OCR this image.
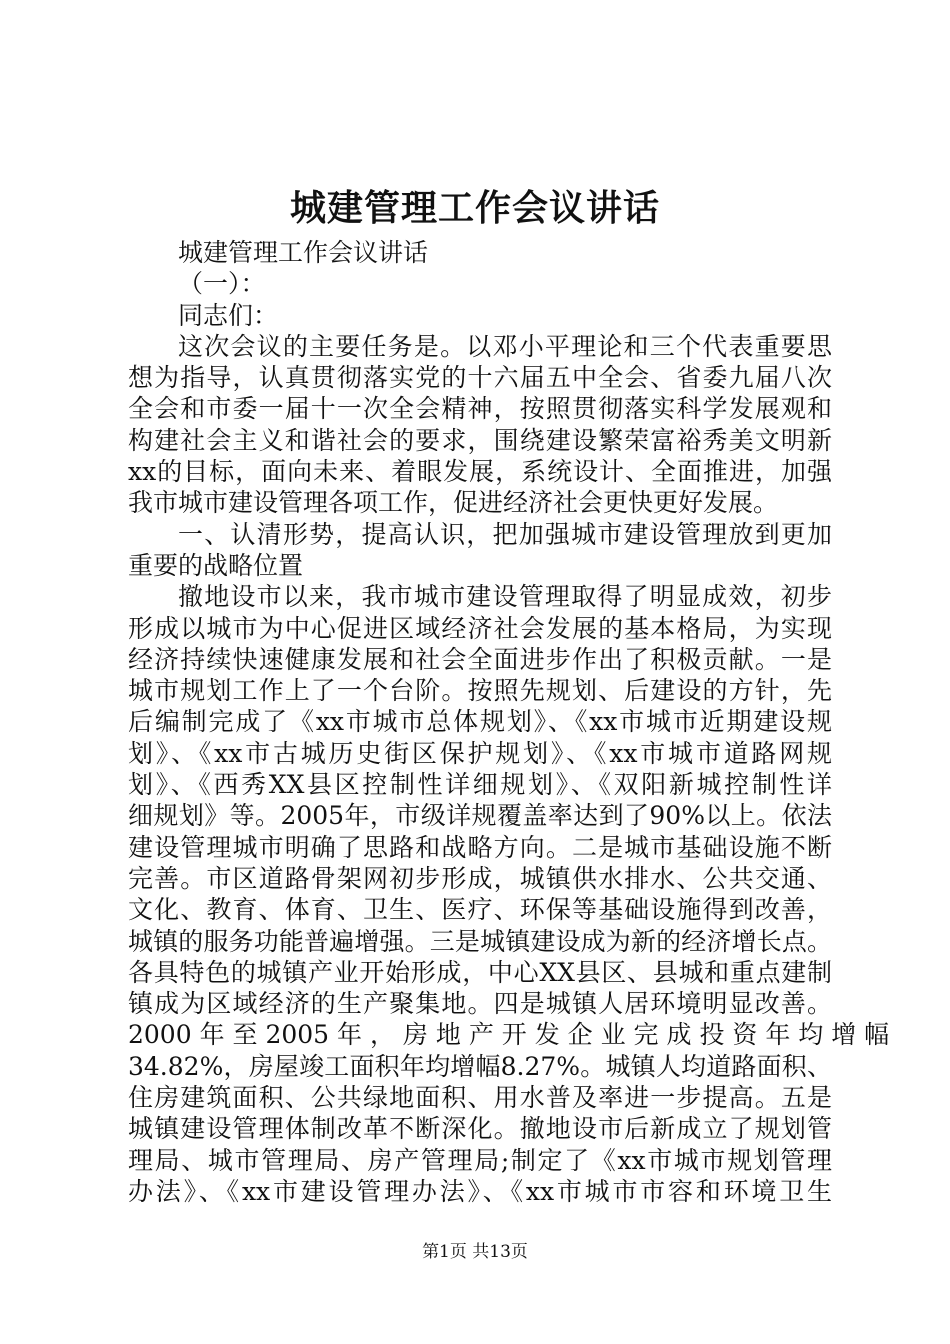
城建管理工作会议讲话
城建管理工作会议讲话
（一）：
同志们：
这次会议的主要任务是。以邓小平理论和三个代表重要思
想为指导，认真贯彻落实党的十六届五中全会、省委九届八次
全会和市委一届十一次全会精神，按照贯彻落实科学发展观和
构建社会主义和谐社会的要求，围绕建设繁荣富裕秀美文明新
xx的目标，面向未来、着眼发展，系统设计、全面推进，加强
我市城市建设管理各项工作，促进经济社会更快更好发展。
一、认清形势，提高认识，把加强城市建设管理放到更加
重要的战略位置
撤地设市以来，我市城市建设管理取得了明显成效，初步
形成以城市为中心促进区域经济社会发展的基本格局，为实现
经济持续快速健康发展和社会全面进步作出了积极贡献。一是
城市规划工作上了一个台阶。按照先规划、后建设的方针，先
后编制完成了《xx市城市总体规划》、《xx市城市近期建设规
划》、《xx市古城历史街区保护规划》、《xx市城市道路网规
划》、《西秀XX县区控制性详细规划》、《双阳新城控制性详
细规划》等。2005年，市级详规覆盖率达到了90%以上。依法
建设管理城市明确了思路和战略方向。二是城市基础设施不断
完善。市区道路骨架网初步形成，城镇供水排水、公共交通、
文化、教育、体育、卫生、医疗、环保等基础设施得到改善，
城镇的服务功能普遍增强。三是城镇建设成为新的经济增长点。
各具特色的城镇产业开始形成，中心XX县区、县城和重点建制
镇成为区域经济的生产聚集地。四是城镇人居环境明显改善。
2000 年 至 2005 年 ， 房 地 产 开 发 企 业 完 成 投 资 年 均 增 幅
34.82%，房屋竣工面积年均增幅8.27%。城镇人均道路面积、
住房建筑面积、公共绿地面积、用水普及率进一步提高。五是
城镇建设管理体制改革不断深化。撤地设市后新成立了规划管
理局、城市管理局、房产管理局;制定了《xx市城市规划管理
办法》、《xx市建设管理办法》、《xx市城市市容和环境卫生
第1页 共13页
